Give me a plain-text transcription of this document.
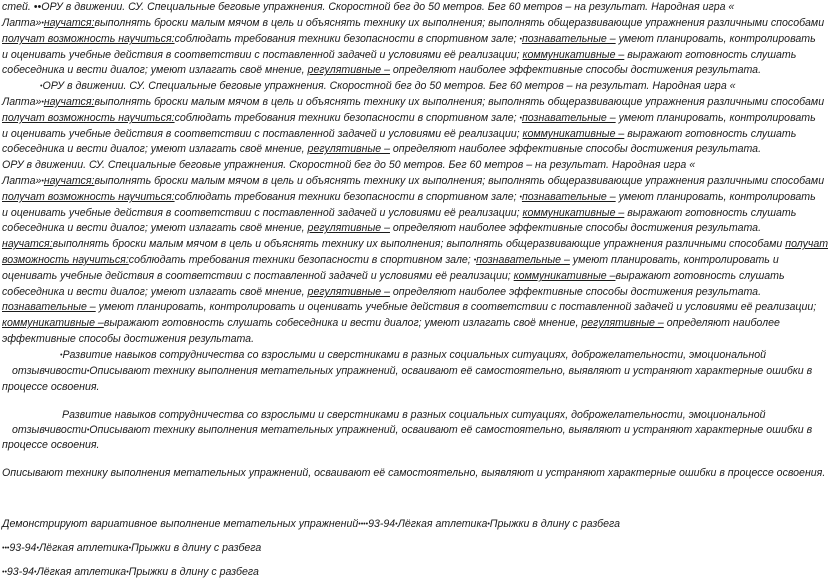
стей. ••ОРУ в движении. СУ. Специальные беговые упражнения. Скоростной бег до 50 метров. Бег 60 метров – на результат. Народная игра «
Лапта»•научатся:выполнять броски малым мячом в цель и объяснять технику их выполнения; выполнять общеразвивающие упражнения различными способами
получат возможность научиться:соблюдать требования техники безопасности в спортивном зале; •познавательные – умеют планировать, контролировать
и оценивать учебные действия в соответствии с поставленной задачей и условиями её реализации; коммуникативные – выражают готовность слушать
собеседника и вести диалог; умеют излагать своё мнение, регулятивные – определяют наиболее эффективные способы достижения результата.
•ОРУ в движении. СУ. Специальные беговые упражнения. Скоростной бег до 50 метров. Бег 60 метров – на результат. Народная игра «
Лапта»•научатся:выполнять броски малым мячом в цель и объяснять технику их выполнения; выполнять общеразвивающие упражнения различными способами
получат возможность научиться:соблюдать требования техники безопасности в спортивном зале; •познавательные – умеют планировать, контролировать
и оценивать учебные действия в соответствии с поставленной задачей и условиями её реализации; коммуникативные – выражают готовность слушать
собеседника и вести диалог; умеют излагать своё мнение, регулятивные – определяют наиболее эффективные способы достижения результата.
ОРУ в движении. СУ. Специальные беговые упражнения. Скоростной бег до 50 метров. Бег 60 метров – на результат. Народная игра «
Лапта»•научатся:выполнять броски малым мячом в цель и объяснять технику их выполнения; выполнять общеразвивающие упражнения различными способами
получат возможность научиться:соблюдать требования техники безопасности в спортивном зале; •познавательные – умеют планировать, контролировать
и оценивать учебные действия в соответствии с поставленной задачей и условиями её реализации; коммуникативные – выражают готовность слушать
собеседника и вести диалог; умеют излагать своё мнение, регулятивные – определяют наиболее эффективные способы достижения результата.
научатся:выполнять броски малым мячом в цель и объяснять технику их выполнения; выполнять общеразвивающие упражнения различными способами получат
возможность научиться:соблюдать требования техники безопасности в спортивном зале; •познавательные – умеют планировать, контролировать и
оценивать учебные действия в соответствии с поставленной задачей и условиями её реализации; коммуникативные –выражают готовность слушать
собеседника и вести диалог; умеют излагать своё мнение, регулятивные – определяют наиболее эффективные способы достижения результата.
познавательные – умеют планировать, контролировать и оценивать учебные действия в соответствии с поставленной задачей и условиями её реализации;
коммуникативные –выражают готовность слушать собеседника и вести диалог; умеют излагать своё мнение, регулятивные – определяют наиболее
эффективные способы достижения результата.
•Развитие навыков сотрудничества со взрослыми и сверстниками в разных социальных ситуациях, доброжелательности, эмоциональной
отзывчивости•Описывают технику выполнения метательных упражнений, осваивают её самостоятельно, выявляют и устраняют характерные ошибки в
процессе освоения.
Развитие навыков сотрудничества со взрослыми и сверстниками в разных социальных ситуациях, доброжелательности, эмоциональной
отзывчивости•Описывают технику выполнения метательных упражнений, осваивают её самостоятельно, выявляют и устраняют характерные ошибки в
процессе освоения.
Описывают технику выполнения метательных упражнений, осваивают её самостоятельно, выявляют и устраняют характерные ошибки в процессе освоения.
Демонстрируют вариативное выполнение метательных упражнений••••93-94•Лёгкая атлетика•Прыжки в длину с разбега
•••93-94•Лёгкая атлетика•Прыжки в длину с разбега
••93-94•Лёгкая атлетика•Прыжки в длину с разбега
